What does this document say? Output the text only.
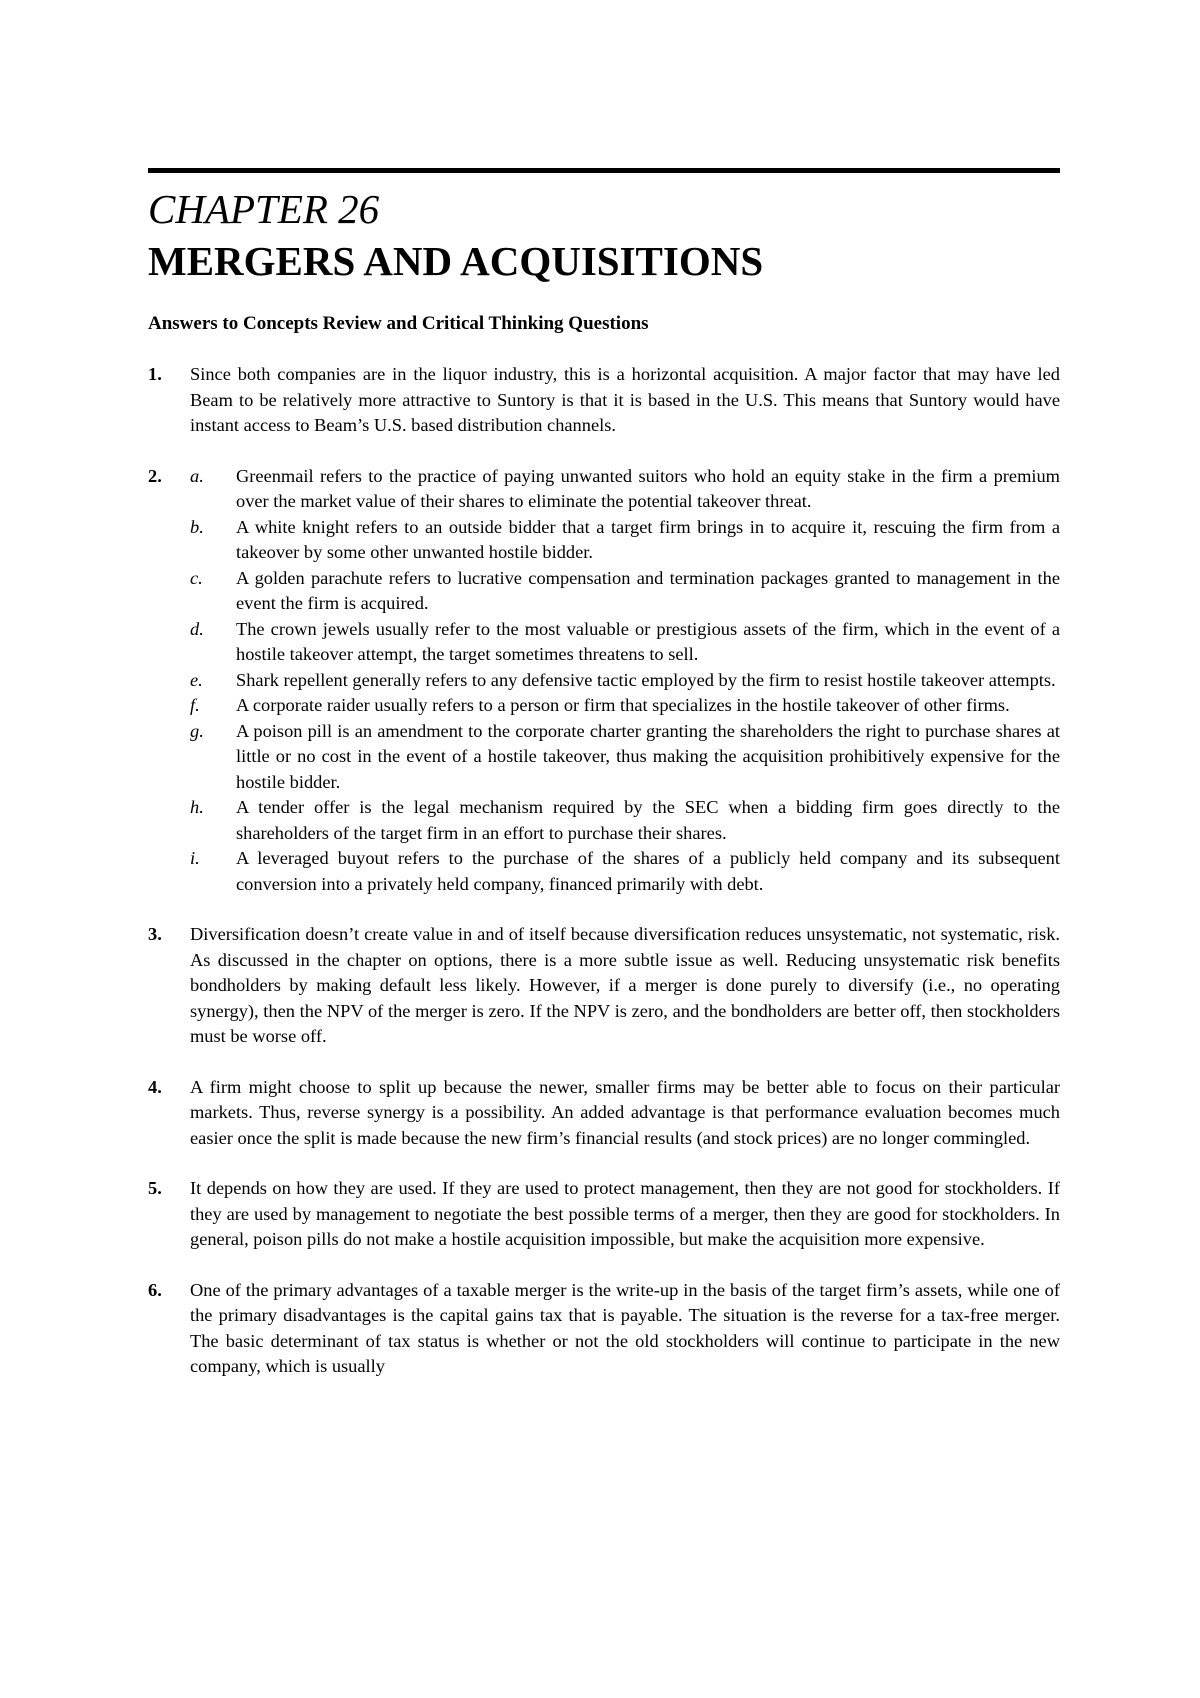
CHAPTER 26
MERGERS AND ACQUISITIONS
Answers to Concepts Review and Critical Thinking Questions
1.	Since both companies are in the liquor industry, this is a horizontal acquisition. A major factor that may have led Beam to be relatively more attractive to Suntory is that it is based in the U.S. This means that Suntory would have instant access to Beam’s U.S. based distribution channels.
2.	a.	Greenmail refers to the practice of paying unwanted suitors who hold an equity stake in the firm a premium over the market value of their shares to eliminate the potential takeover threat.
b.	A white knight refers to an outside bidder that a target firm brings in to acquire it, rescuing the firm from a takeover by some other unwanted hostile bidder.
c.	A golden parachute refers to lucrative compensation and termination packages granted to management in the event the firm is acquired.
d.	The crown jewels usually refer to the most valuable or prestigious assets of the firm, which in the event of a hostile takeover attempt, the target sometimes threatens to sell.
e.	Shark repellent generally refers to any defensive tactic employed by the firm to resist hostile takeover attempts.
f.	A corporate raider usually refers to a person or firm that specializes in the hostile takeover of other firms.
g.	A poison pill is an amendment to the corporate charter granting the shareholders the right to purchase shares at little or no cost in the event of a hostile takeover, thus making the acquisition prohibitively expensive for the hostile bidder.
h.	A tender offer is the legal mechanism required by the SEC when a bidding firm goes directly to the shareholders of the target firm in an effort to purchase their shares.
i.	A leveraged buyout refers to the purchase of the shares of a publicly held company and its subsequent conversion into a privately held company, financed primarily with debt.
3.	Diversification doesn’t create value in and of itself because diversification reduces unsystematic, not systematic, risk. As discussed in the chapter on options, there is a more subtle issue as well. Reducing unsystematic risk benefits bondholders by making default less likely. However, if a merger is done purely to diversify (i.e., no operating synergy), then the NPV of the merger is zero. If the NPV is zero, and the bondholders are better off, then stockholders must be worse off.
4.	A firm might choose to split up because the newer, smaller firms may be better able to focus on their particular markets. Thus, reverse synergy is a possibility. An added advantage is that performance evaluation becomes much easier once the split is made because the new firm’s financial results (and stock prices) are no longer commingled.
5.	It depends on how they are used. If they are used to protect management, then they are not good for stockholders. If they are used by management to negotiate the best possible terms of a merger, then they are good for stockholders. In general, poison pills do not make a hostile acquisition impossible, but make the acquisition more expensive.
6.	One of the primary advantages of a taxable merger is the write-up in the basis of the target firm’s assets, while one of the primary disadvantages is the capital gains tax that is payable. The situation is the reverse for a tax-free merger. The basic determinant of tax status is whether or not the old stockholders will continue to participate in the new company, which is usually
